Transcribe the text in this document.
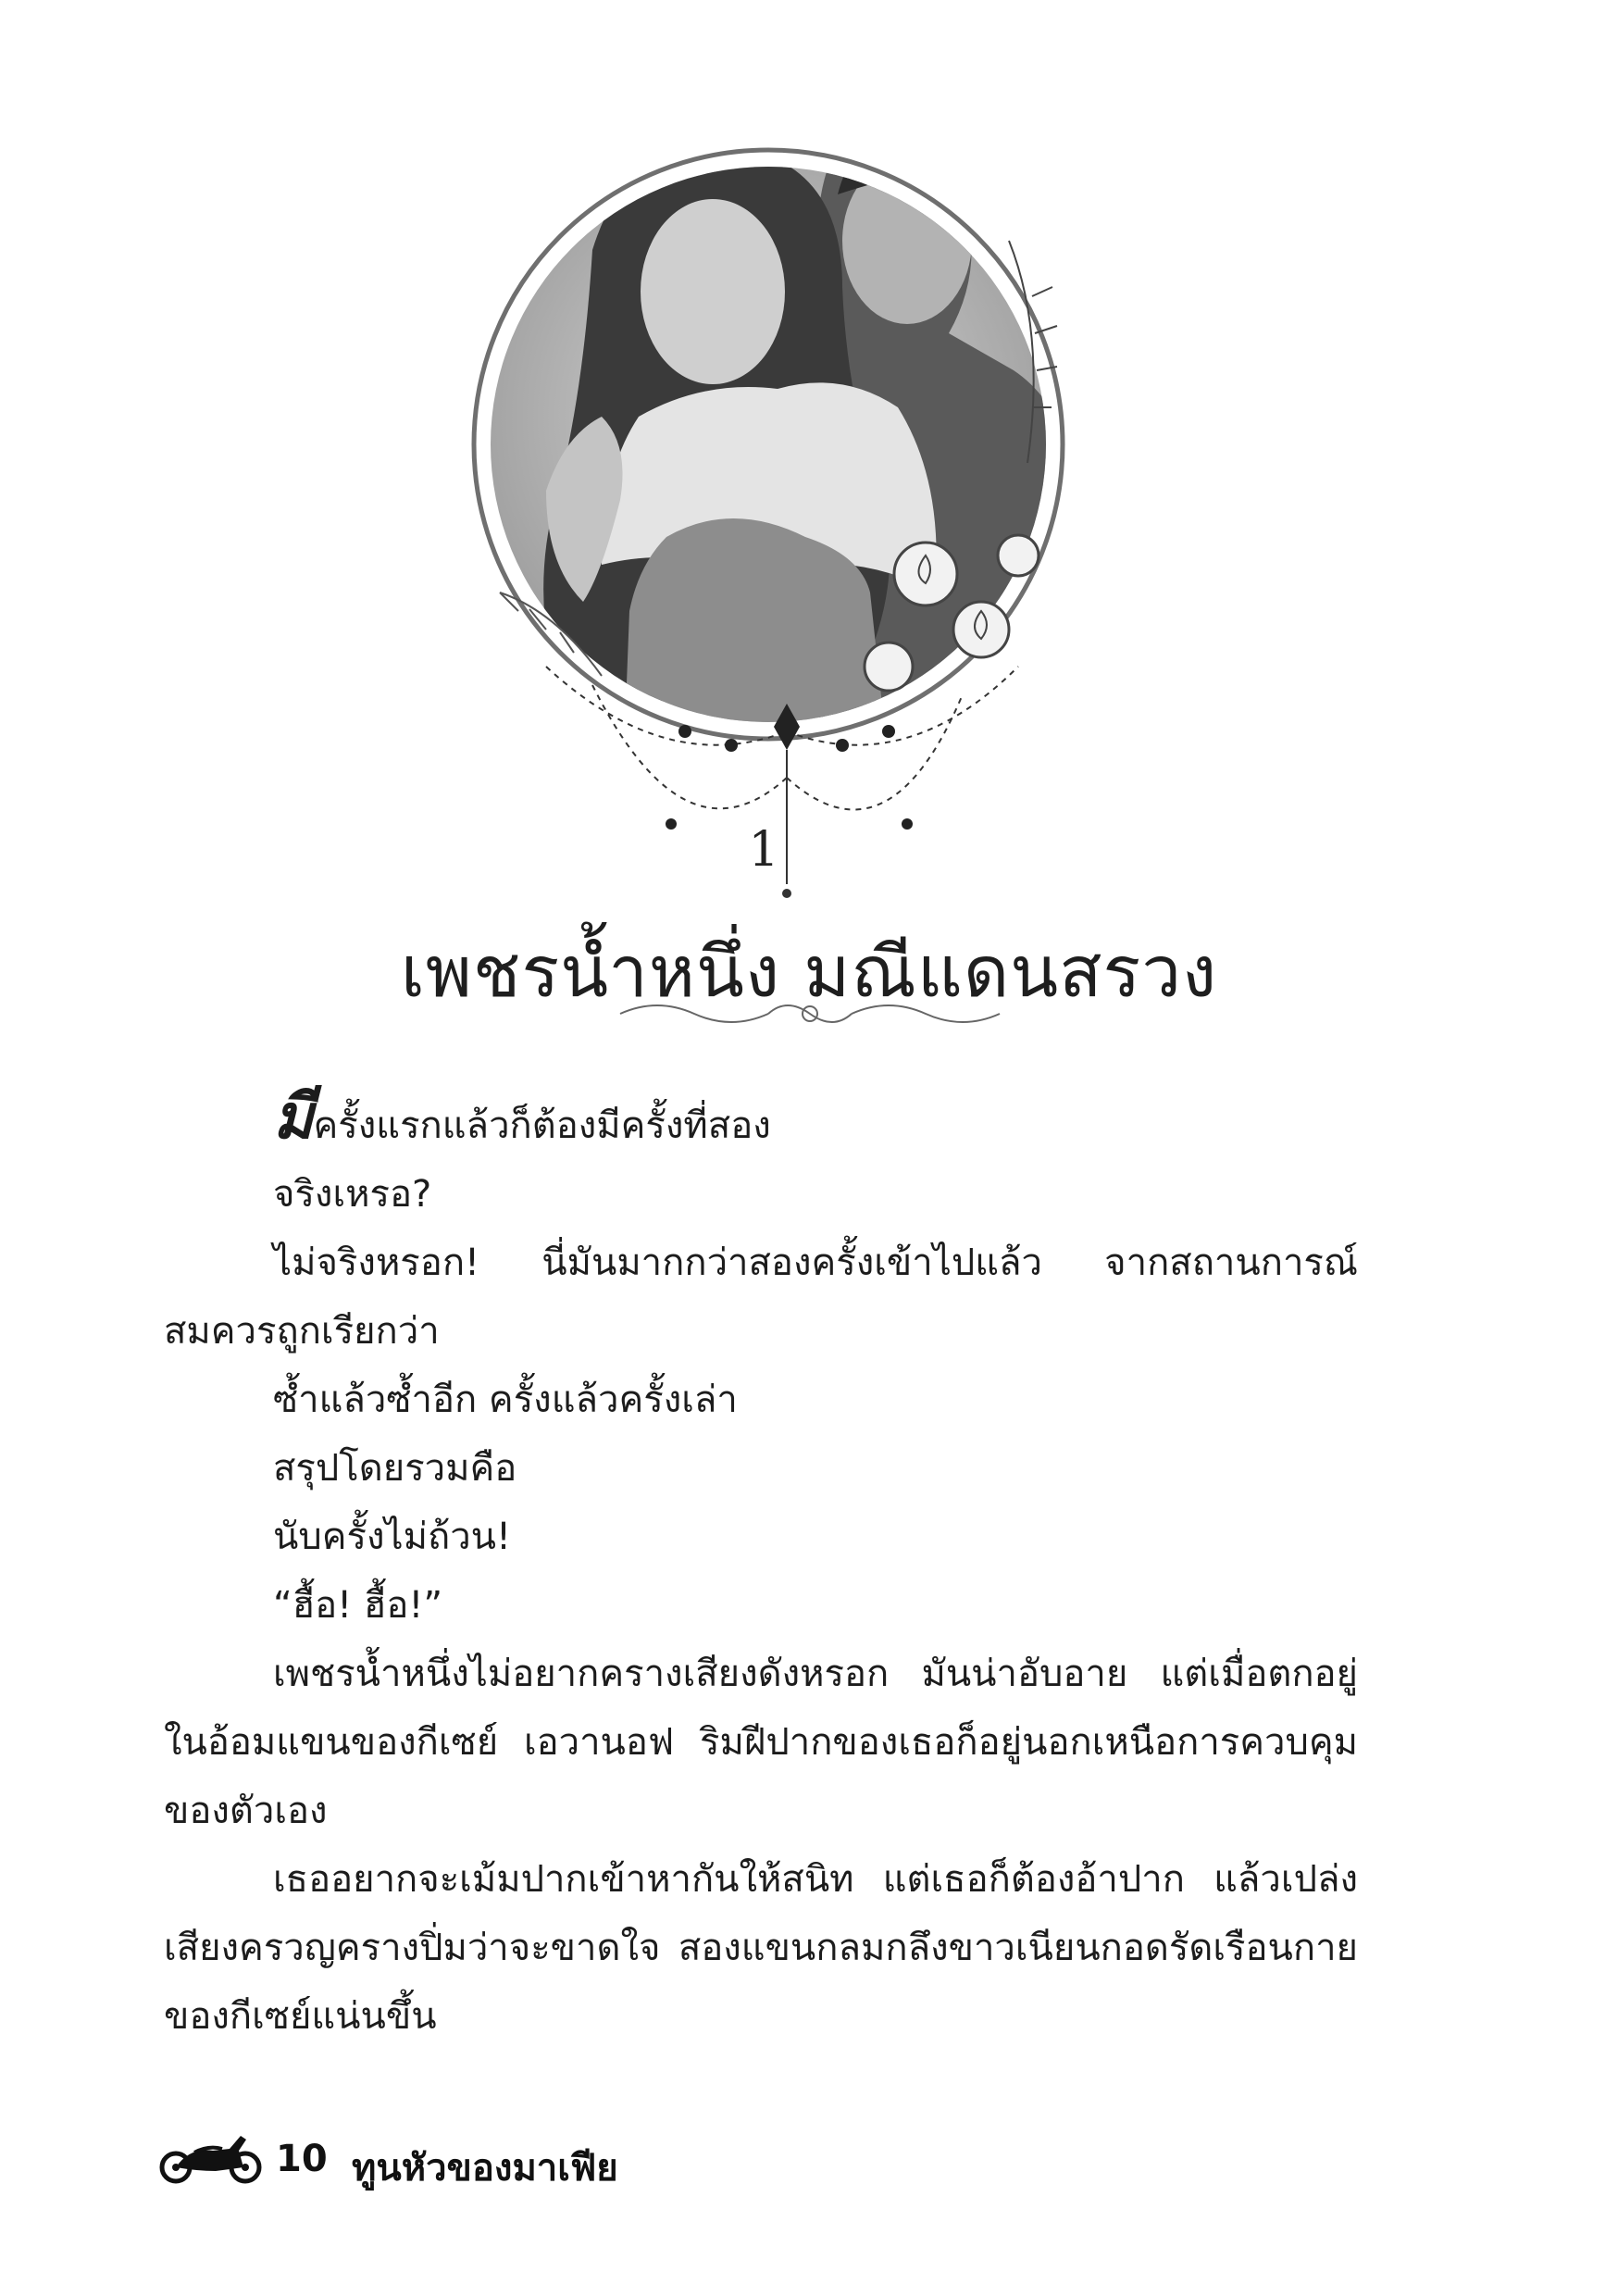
1
เพชรน้ำหนึ่ง มณีแดนสรวง

มีครั้งแรกแล้วก็ต้องมีครั้งที่สอง

จริงเหรอ?

ไม่จริงหรอก! นี่มันมากกว่าสองครั้งเข้าไปแล้ว จากสถานการณ์สมควรถูกเรียกว่า

ซ้ำแล้วซ้ำอีก ครั้งแล้วครั้งเล่า

สรุปโดยรวมคือ

นับครั้งไม่ถ้วน!

“ฮื้อ! ฮื้อ!”

เพชรน้ำหนึ่งไม่อยากครางเสียงดังหรอก มันน่าอับอาย แต่เมื่อตกอยู่ในอ้อมแขนของกีเซย์ เอวานอฟ ริมฝีปากของเธอก็อยู่นอกเหนือการควบคุมของตัวเอง

เธออยากจะเม้มปากเข้าหากันให้สนิท แต่เธอก็ต้องอ้าปาก แล้วเปล่งเสียงครวญครางปิ่มว่าจะขาดใจ สองแขนกลมกลึงขาวเนียนกอดรัดเรือนกายของกีเซย์แน่นขึ้น

10 ทูนหัวของมาเฟีย
